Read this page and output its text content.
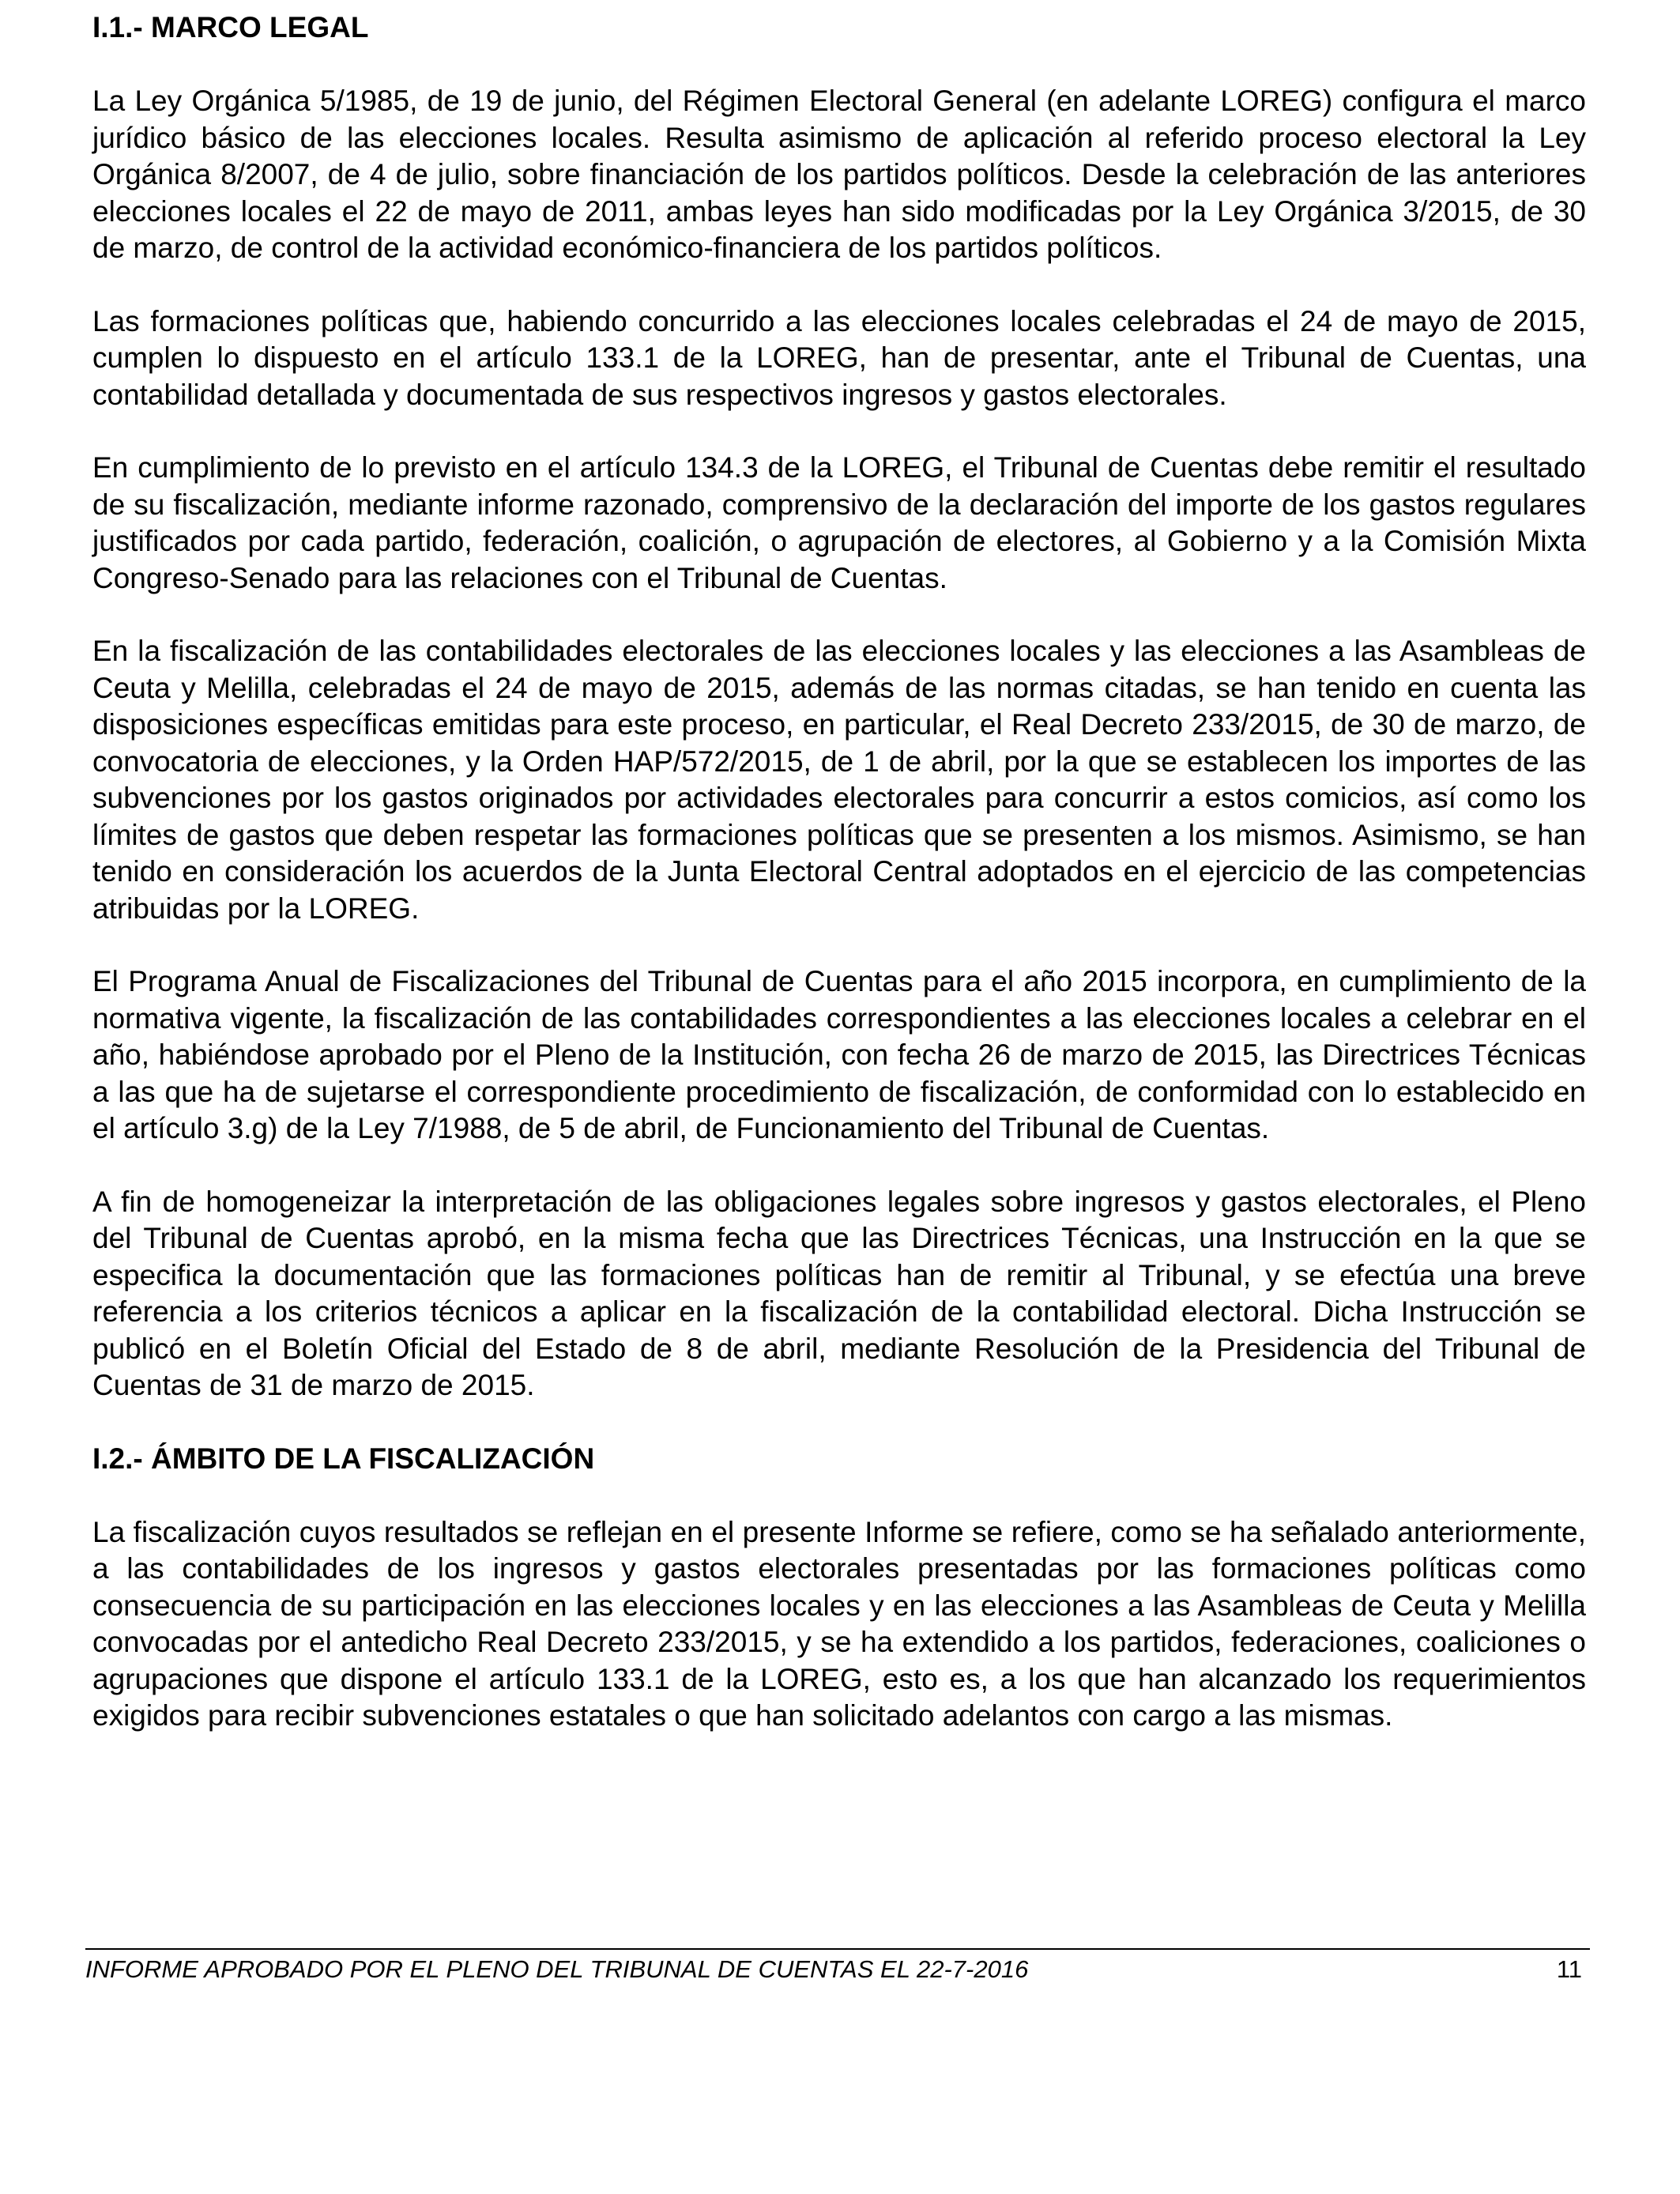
I.1.- MARCO LEGAL

La Ley Orgánica 5/1985, de 19 de junio, del Régimen Electoral General (en adelante LOREG) configura el marco jurídico básico de las elecciones locales. Resulta asimismo de aplicación al referido proceso electoral la Ley Orgánica 8/2007, de 4 de julio, sobre financiación de los partidos políticos. Desde la celebración de las anteriores elecciones locales el 22 de mayo de 2011, ambas leyes han sido modificadas por la Ley Orgánica 3/2015, de 30 de marzo, de control de la actividad económico-financiera de los partidos políticos.

Las formaciones políticas que, habiendo concurrido a las elecciones locales celebradas el 24 de mayo de 2015, cumplen lo dispuesto en el artículo 133.1 de la LOREG, han de presentar, ante el Tribunal de Cuentas, una contabilidad detallada y documentada de sus respectivos ingresos y gastos electorales.

En cumplimiento de lo previsto en el artículo 134.3 de la LOREG, el Tribunal de Cuentas debe remitir el resultado de su fiscalización, mediante informe razonado, comprensivo de la declaración del importe de los gastos regulares justificados por cada partido, federación, coalición, o agrupación de electores, al Gobierno y a la Comisión Mixta Congreso-Senado para las relaciones con el Tribunal de Cuentas.

En la fiscalización de las contabilidades electorales de las elecciones locales y las elecciones a las Asambleas de Ceuta y Melilla, celebradas el 24 de mayo de 2015, además de las normas citadas, se han tenido en cuenta las disposiciones específicas emitidas para este proceso, en particular, el Real Decreto 233/2015, de 30 de marzo, de convocatoria de elecciones, y la Orden HAP/572/2015, de 1 de abril, por la que se establecen los importes de las subvenciones por los gastos originados por actividades electorales para concurrir a estos comicios, así como los límites de gastos que deben respetar las formaciones políticas que se presenten a los mismos. Asimismo, se han tenido en consideración los acuerdos de la Junta Electoral Central adoptados en el ejercicio de las competencias atribuidas por la LOREG.

El Programa Anual de Fiscalizaciones del Tribunal de Cuentas para el año 2015 incorpora, en cumplimiento de la normativa vigente, la fiscalización de las contabilidades correspondientes a las elecciones locales a celebrar en el año, habiéndose aprobado por el Pleno de la Institución, con fecha 26 de marzo de 2015, las Directrices Técnicas a las que ha de sujetarse el correspondiente procedimiento de fiscalización, de conformidad con lo establecido en el artículo 3.g) de la Ley 7/1988, de 5 de abril, de Funcionamiento del Tribunal de Cuentas.

A fin de homogeneizar la interpretación de las obligaciones legales sobre ingresos y gastos electorales, el Pleno del Tribunal de Cuentas aprobó, en la misma fecha que las Directrices Técnicas, una Instrucción en la que se especifica la documentación que las formaciones políticas han de remitir al Tribunal, y se efectúa una breve referencia a los criterios técnicos a aplicar en la fiscalización de la contabilidad electoral. Dicha Instrucción se publicó en el Boletín Oficial del Estado de 8 de abril, mediante Resolución de la Presidencia del Tribunal de Cuentas de 31 de marzo de 2015.

I.2.- ÁMBITO DE LA FISCALIZACIÓN

La fiscalización cuyos resultados se reflejan en el presente Informe se refiere, como se ha señalado anteriormente, a las contabilidades de los ingresos y gastos electorales presentadas por las formaciones políticas como consecuencia de su participación en las elecciones locales y en las elecciones a las Asambleas de Ceuta y Melilla convocadas por el antedicho Real Decreto 233/2015, y se ha extendido a los partidos, federaciones, coaliciones o agrupaciones que dispone el artículo 133.1 de la LOREG, esto es, a los que han alcanzado los requerimientos exigidos para recibir subvenciones estatales o que han solicitado adelantos con cargo a las mismas.

INFORME APROBADO POR EL PLENO DEL TRIBUNAL DE CUENTAS EL 22-7-2016	11
